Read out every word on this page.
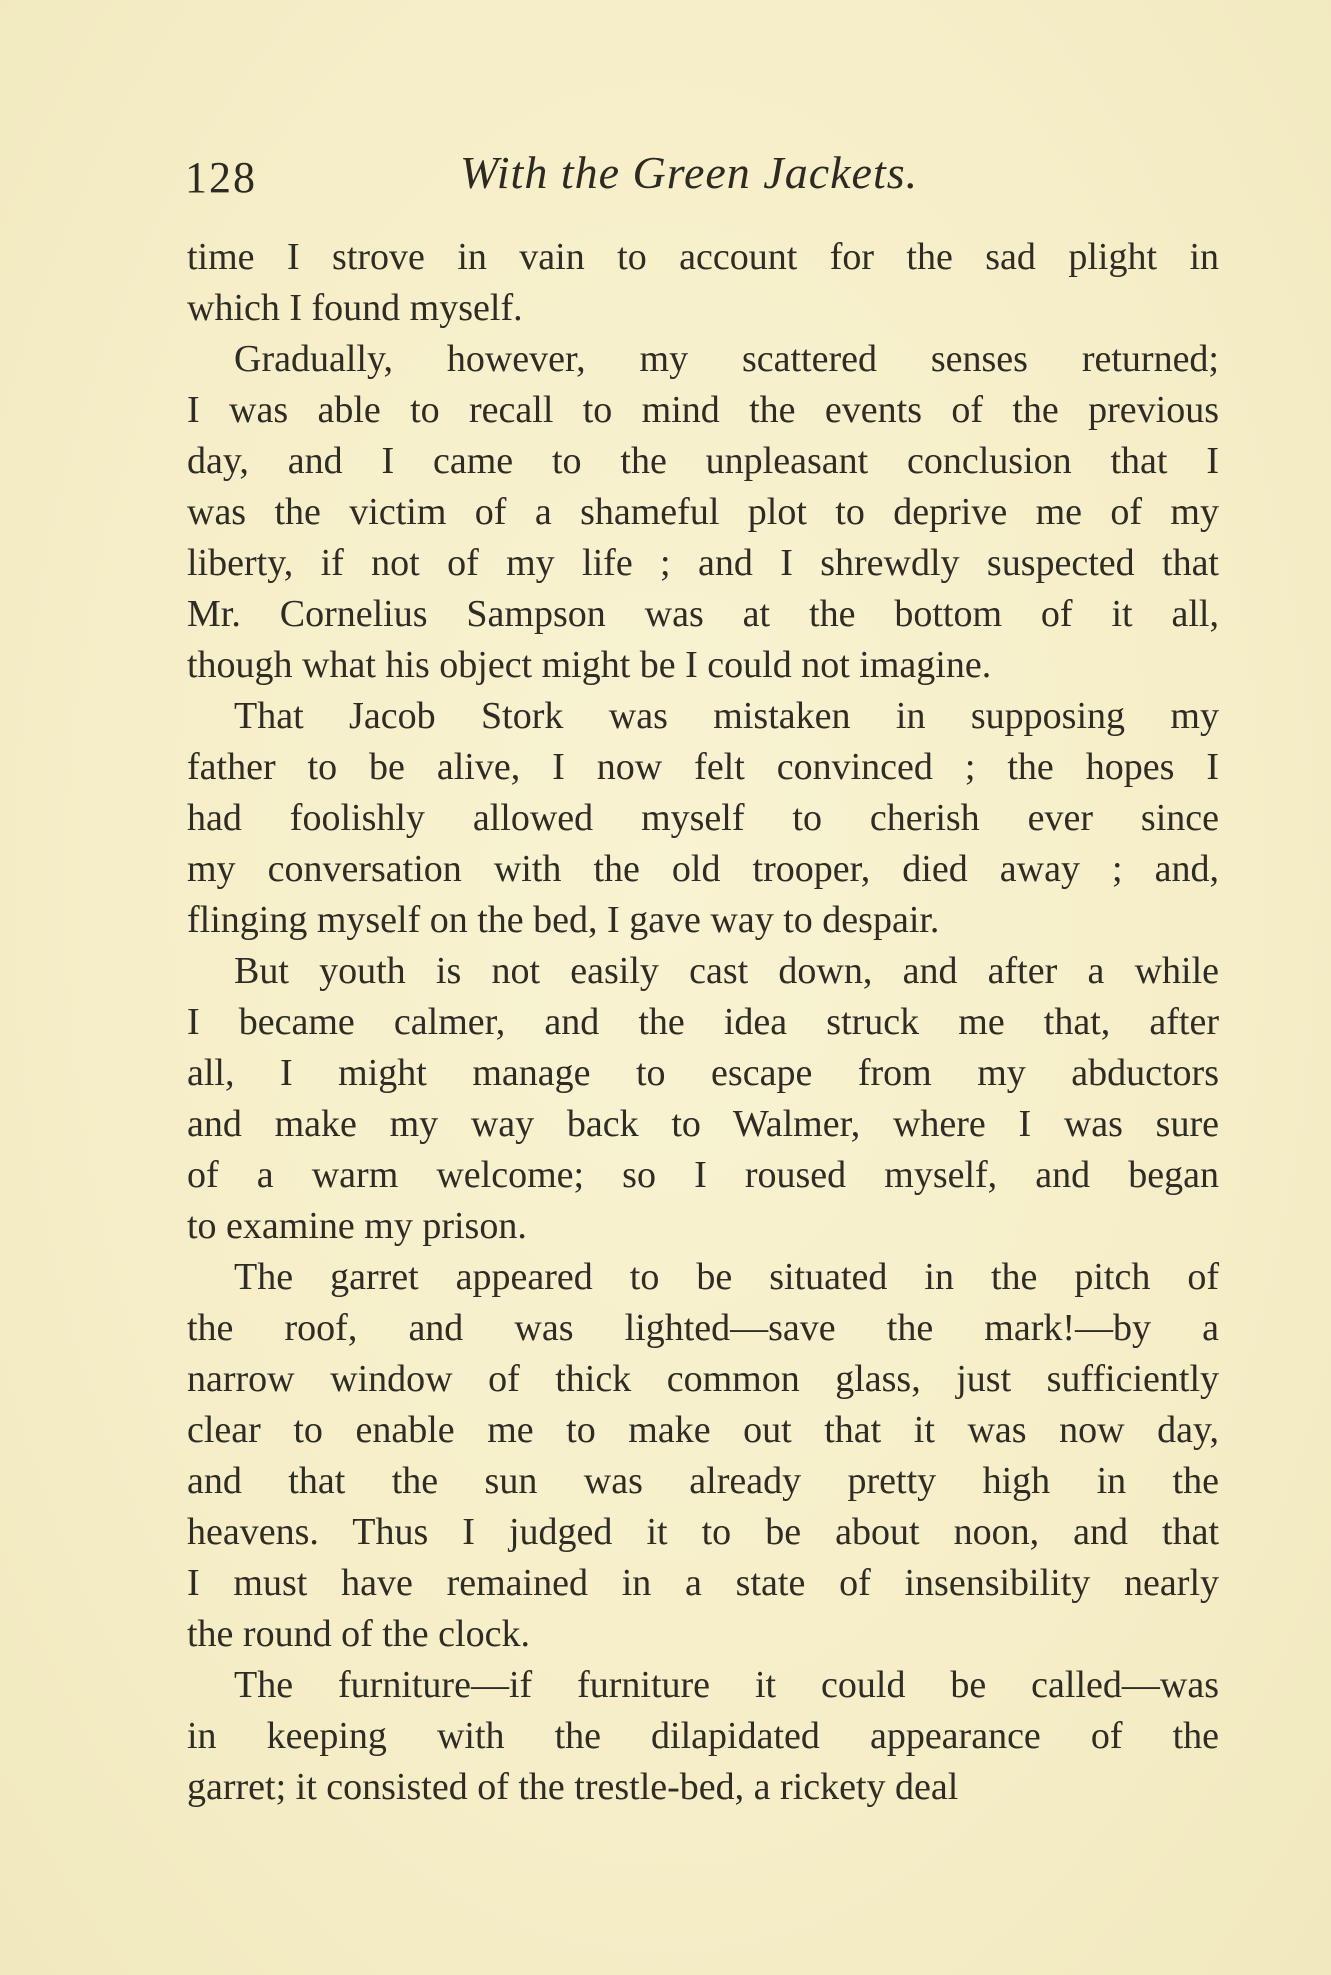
128	With the Green Jackets.
time I strove in vain to account for the sad plight in
which I found myself.
Gradually, however, my scattered senses returned;
I was able to recall to mind the events of the previous
day, and I came to the unpleasant conclusion that I
was the victim of a shameful plot to deprive me of my
liberty, if not of my life ; and I shrewdly suspected that
Mr. Cornelius Sampson was at the bottom of it all,
though what his object might be I could not imagine.
That Jacob Stork was mistaken in supposing my
father to be alive, I now felt convinced ; the hopes I
had foolishly allowed myself to cherish ever since
my conversation with the old trooper, died away ; and,
flinging myself on the bed, I gave way to despair.
But youth is not easily cast down, and after a while
I became calmer, and the idea struck me that, after
all, I might manage to escape from my abductors
and make my way back to Walmer, where I was sure
of a warm welcome; so I roused myself, and began
to examine my prison.
The garret appeared to be situated in the pitch of
the roof, and was lighted—save the mark!—by a
narrow window of thick common glass, just sufficiently
clear to enable me to make out that it was now day,
and that the sun was already pretty high in the
heavens. Thus I judged it to be about noon, and that
I must have remained in a state of insensibility nearly
the round of the clock.
The furniture—if furniture it could be called—was
in keeping with the dilapidated appearance of the
garret; it consisted of the trestle-bed, a rickety deal
